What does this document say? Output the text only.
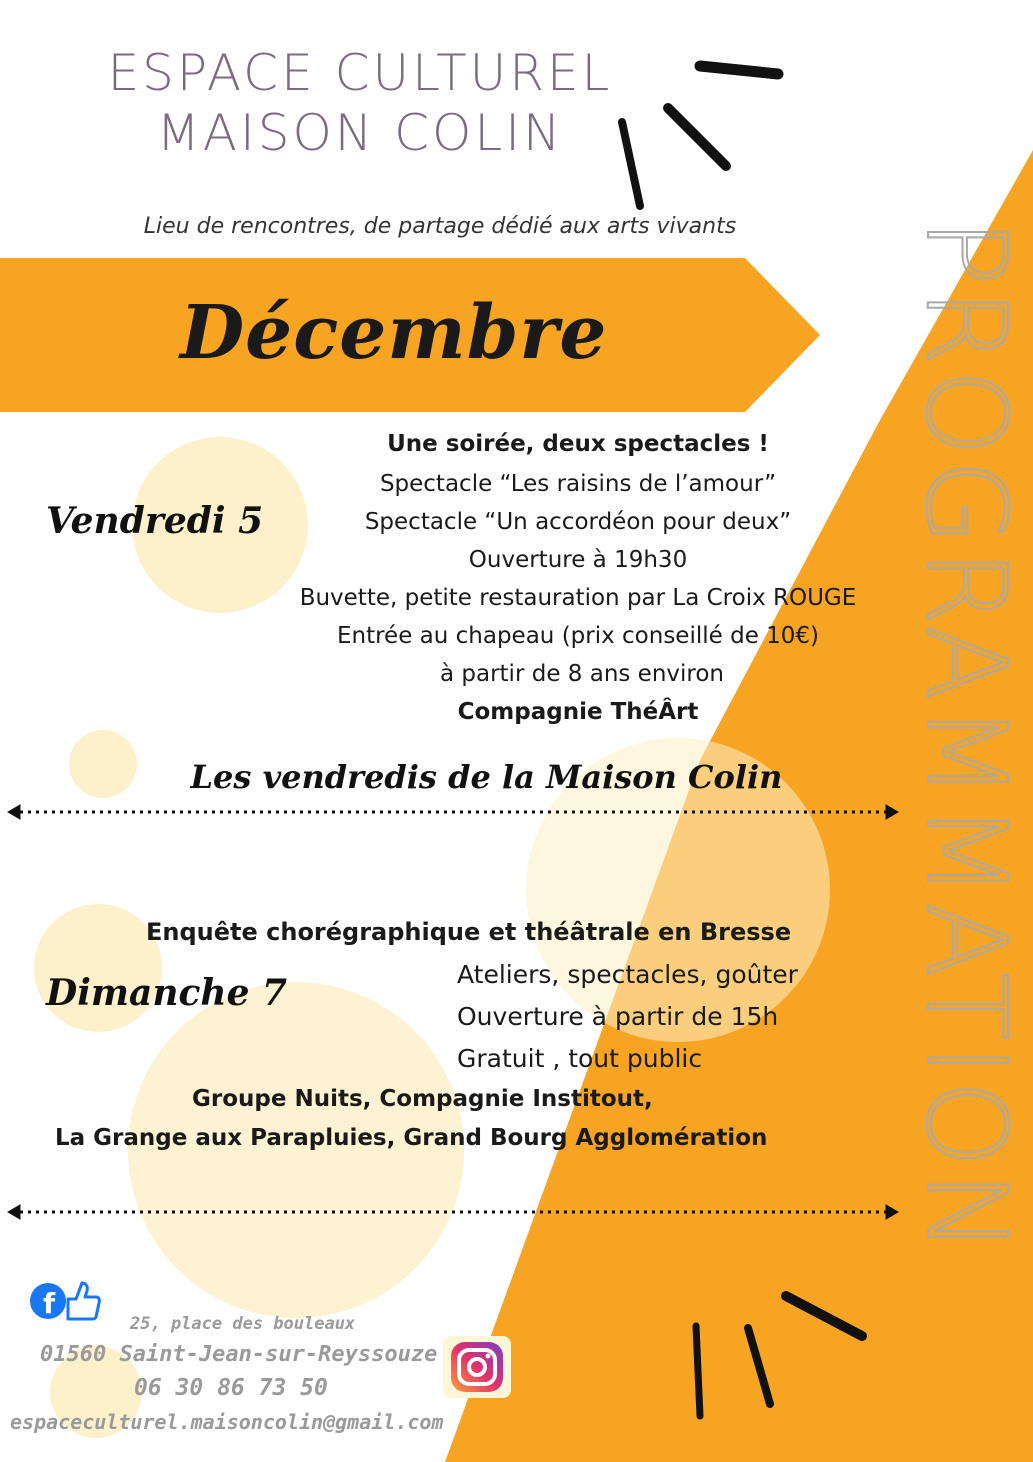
PROGRAMMATION
ESPACE CULTUREL
MAISON COLIN
Lieu de rencontres, de partage dédié aux arts vivants
Décembre
Vendredi 5
Une soirée, deux spectacles !
Spectacle “Les raisins de l’amour”
Spectacle “Un accordéon pour deux”
Ouverture à 19h30
Buvette, petite restauration par La Croix ROUGE
Entrée au chapeau (prix conseillé de 10€)
à partir de 8 ans environ
Compagnie ThéÂrt
Les vendredis de la Maison Colin
Enquête chorégraphique et théâtrale en Bresse
Dimanche 7	Ateliers, spectacles, goûter
Ouverture à partir de 15h
Gratuit , tout public
Groupe Nuits, Compagnie Institout,
La Grange aux Parapluies, Grand Bourg Agglomération
f
25, place des bouleaux
01560 Saint-Jean-sur-Reyssouze
06 30 86 73 50
espaceculturel.maisoncolin@gmail.com
